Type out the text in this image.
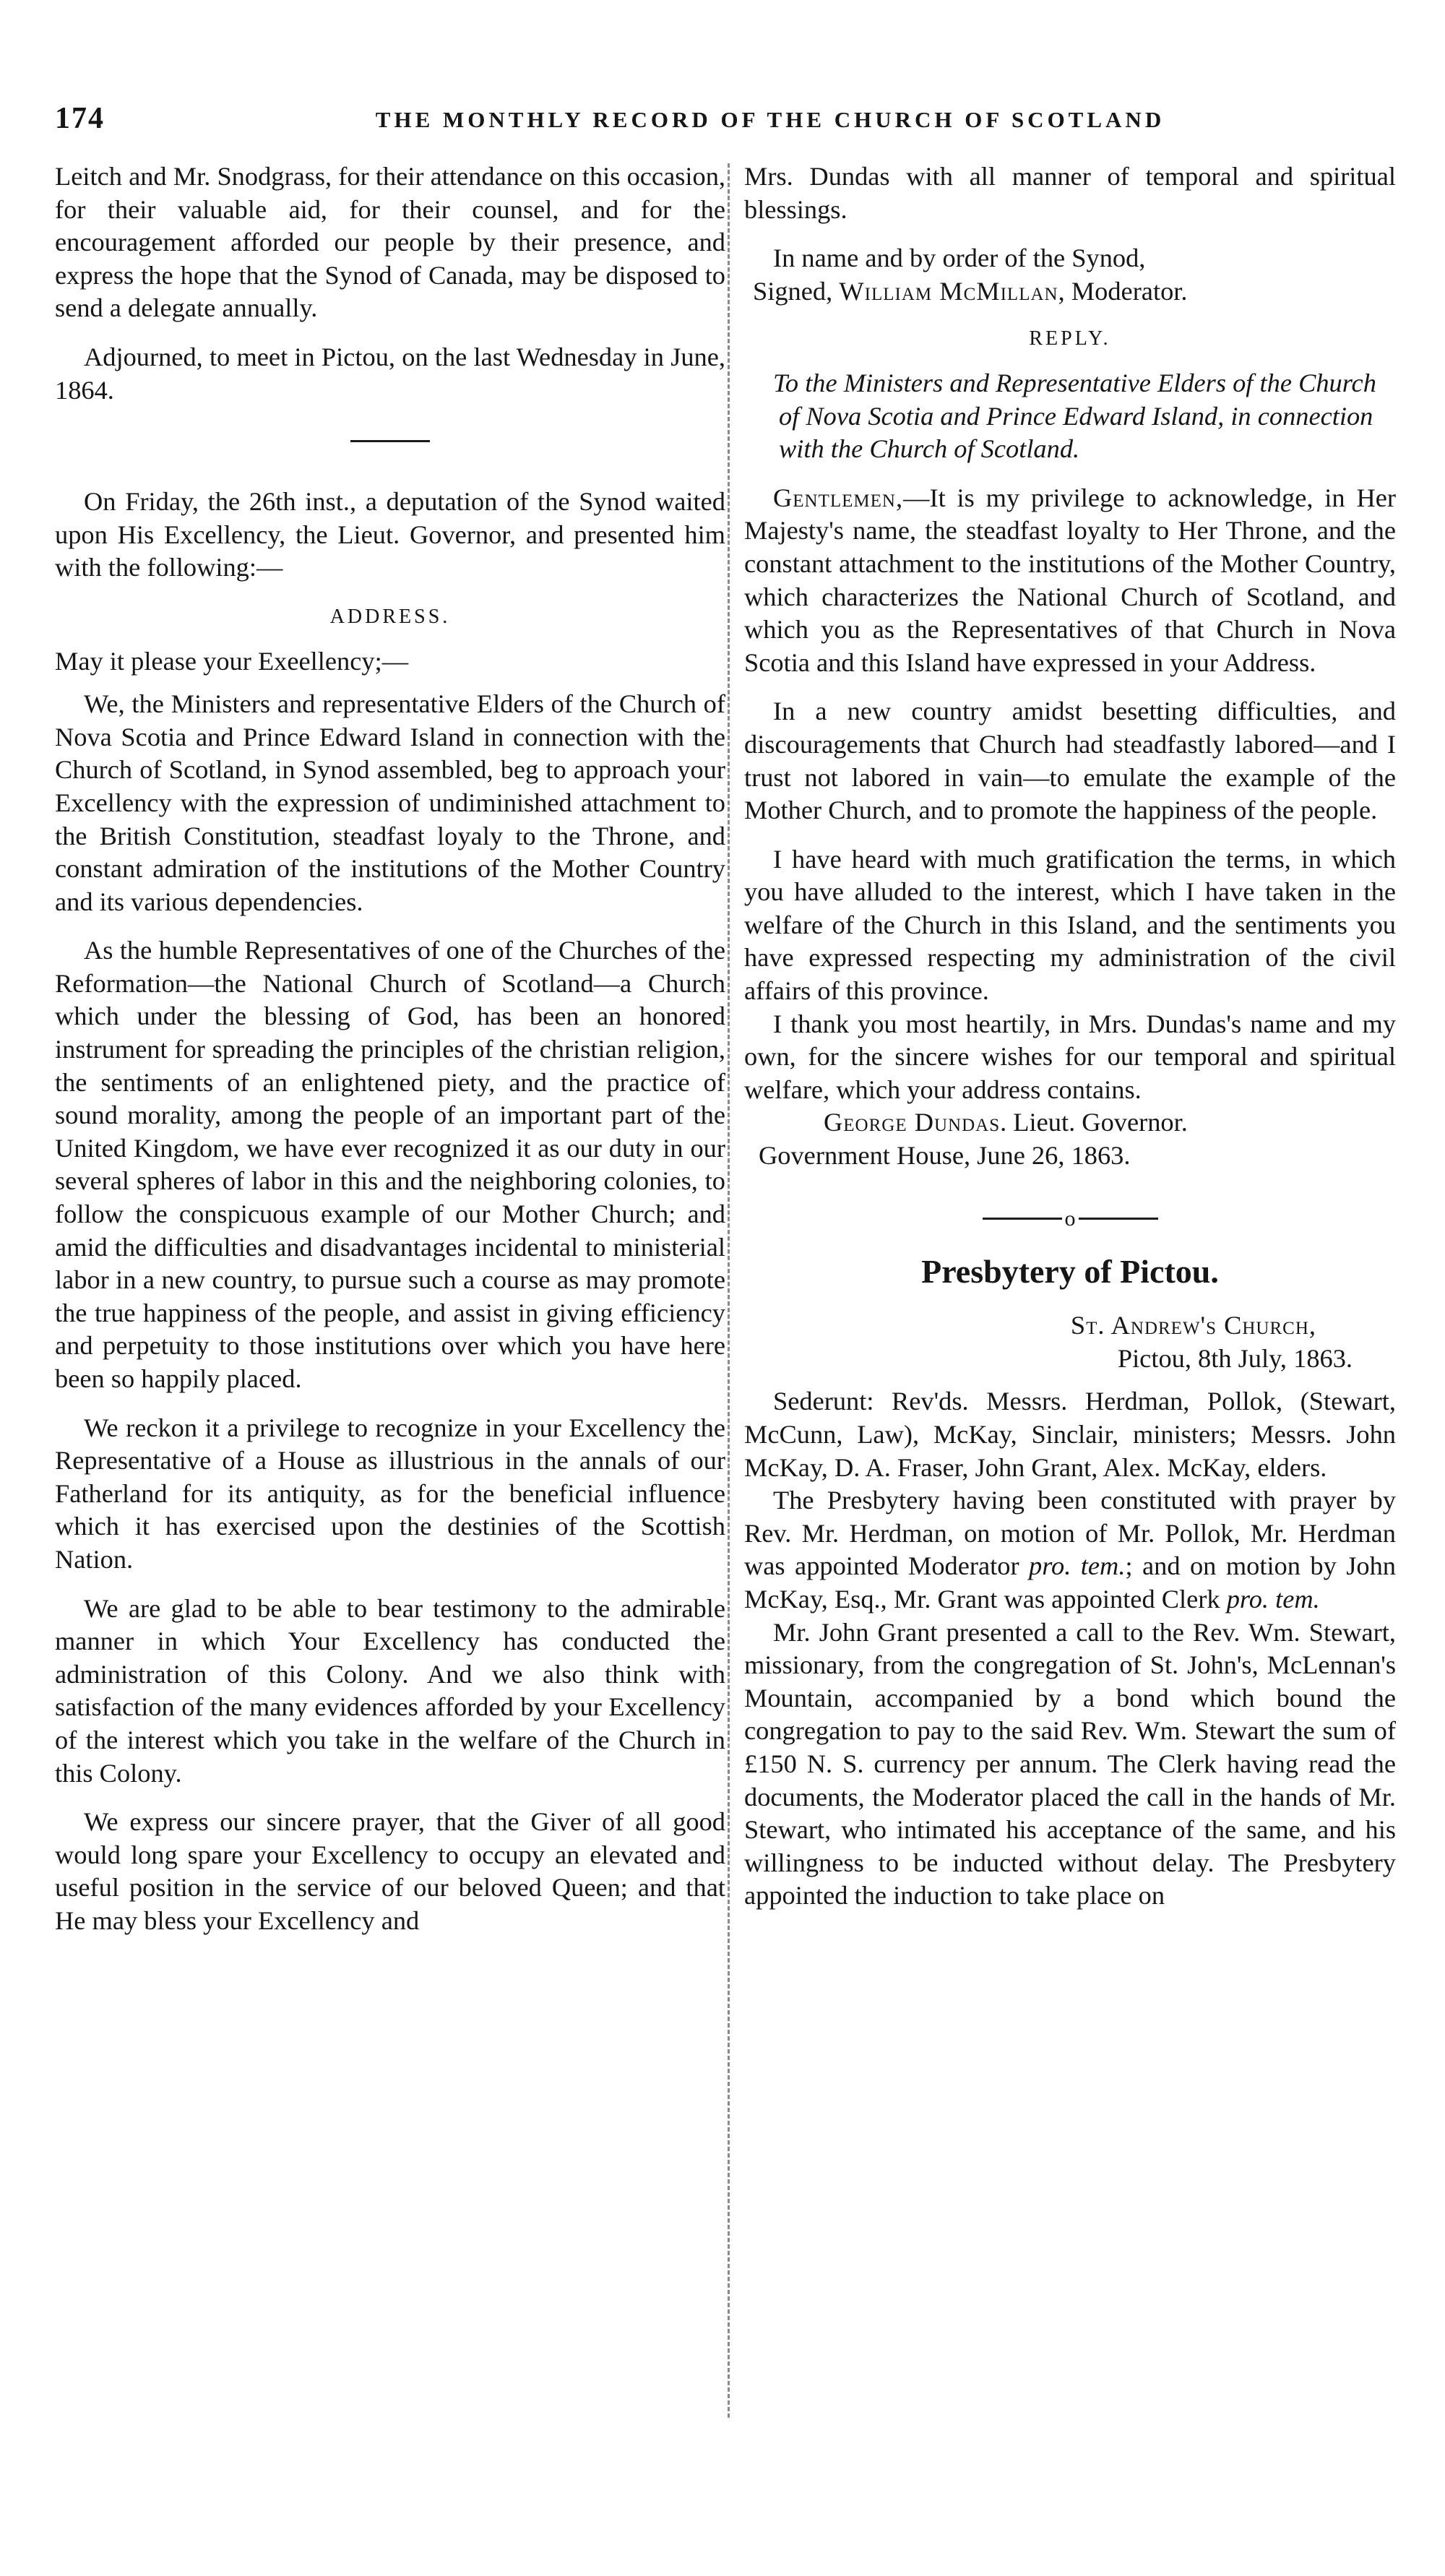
174	THE MONTHLY RECORD OF THE CHURCH OF SCOTLAND

Leitch and Mr. Snodgrass, for their attendance on this occasion, for their valuable aid, for their counsel, and for the encouragement afforded our people by their presence, and express the hope that the Synod of Canada, may be disposed to send a delegate annually.

Adjourned, to meet in Pictou, on the last Wednesday in June, 1864.

On Friday, the 26th inst., a deputation of the Synod waited upon His Excellency, the Lieut. Governor, and presented him with the following:—

ADDRESS.

May it please your Exeellency;—

We, the Ministers and representative Elders of the Church of Nova Scotia and Prince Edward Island in connection with the Church of Scotland, in Synod assembled, beg to approach your Excellency with the expression of undiminished attachment to the British Constitution, steadfast loyaly to the Throne, and constant admiration of the institutions of the Mother Country and its various dependencies.

As the humble Representatives of one of the Churches of the Reformation—the National Church of Scotland—a Church which under the blessing of God, has been an honored instrument for spreading the principles of the christian religion, the sentiments of an enlightened piety, and the practice of sound morality, among the people of an important part of the United Kingdom, we have ever recognized it as our duty in our several spheres of labor in this and the neighboring colonies, to follow the conspicuous example of our Mother Church; and amid the difficulties and disadvantages incidental to ministerial labor in a new country, to pursue such a course as may promote the true happiness of the people, and assist in giving efficiency and perpetuity to those institutions over which you have here been so happily placed.

We reckon it a privilege to recognize in your Excellency the Representative of a House as illustrious in the annals of our Fatherland for its antiquity, as for the beneficial influence which it has exercised upon the destinies of the Scottish Nation.

We are glad to be able to bear testimony to the admirable manner in which Your Excellency has conducted the administration of this Colony. And we also think with satisfaction of the many evidences afforded by your Excellency of the interest which you take in the welfare of the Church in this Colony.

We express our sincere prayer, that the Giver of all good would long spare your Excellency to occupy an elevated and useful position in the service of our beloved Queen; and that He may bless your Excellency and

Mrs. Dundas with all manner of temporal and spiritual blessings.

In name and by order of the Synod,

Signed, William McMillan, Moderator.

REPLY.

To the Ministers and Representative Elders of the Church of Nova Scotia and Prince Edward Island, in connection with the Church of Scotland.

Gentlemen,—It is my privilege to acknowledge, in Her Majesty's name, the steadfast loyalty to Her Throne, and the constant attachment to the institutions of the Mother Country, which characterizes the National Church of Scotland, and which you as the Representatives of that Church in Nova Scotia and this Island have expressed in your Address.

In a new country amidst besetting difficulties, and discouragements that Church had steadfastly labored—and I trust not labored in vain—to emulate the example of the Mother Church, and to promote the happiness of the people.

I have heard with much gratification the terms, in which you have alluded to the interest, which I have taken in the welfare of the Church in this Island, and the sentiments you have expressed respecting my administration of the civil affairs of this province.

I thank you most heartily, in Mrs. Dundas's name and my own, for the sincere wishes for our temporal and spiritual welfare, which your address contains.

George Dundas. Lieut. Governor.

Government House, June 26, 1863.

o
Presbytery of Pictou.
St. Andrew's Church,
Pictou, 8th July, 1863.

Sederunt: Rev'ds. Messrs. Herdman, Pollok, (Stewart, McCunn, Law), McKay, Sinclair, ministers; Messrs. John McKay, D. A. Fraser, John Grant, Alex. McKay, elders.

The Presbytery having been constituted with prayer by Rev. Mr. Herdman, on motion of Mr. Pollok, Mr. Herdman was appointed Moderator pro. tem.; and on motion by John McKay, Esq., Mr. Grant was appointed Clerk pro. tem.

Mr. John Grant presented a call to the Rev. Wm. Stewart, missionary, from the congregation of St. John's, McLennan's Mountain, accompanied by a bond which bound the congregation to pay to the said Rev. Wm. Stewart the sum of £150 N. S. currency per annum. The Clerk having read the documents, the Moderator placed the call in the hands of Mr. Stewart, who intimated his acceptance of the same, and his willingness to be inducted without delay. The Presbytery appointed the induction to take place on
